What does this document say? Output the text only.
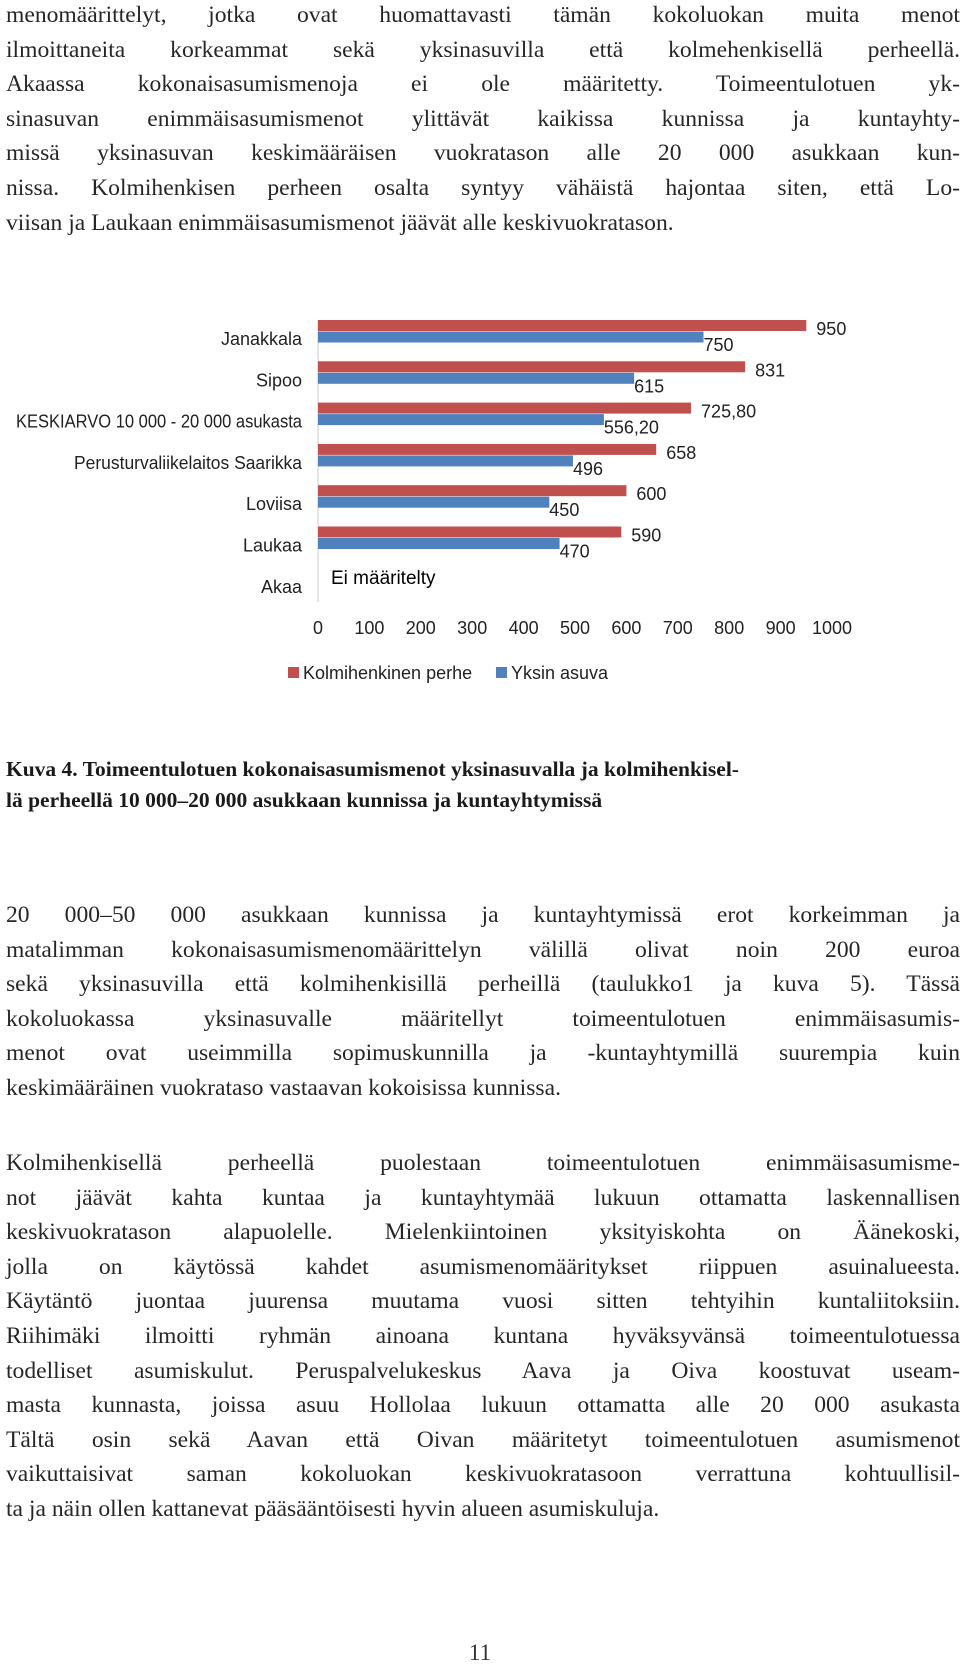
menomäärittelyt, jotka ovat huomattavasti tämän kokoluokan muita menot
ilmoittaneita korkeammat sekä yksinasuvilla että kolmehenkisellä perheellä.
Akaassa kokonaisasumismenoja ei ole määritetty. Toimeentulotuen yk-
sinasuvan enimmäisasumismenot ylittävät kaikissa kunnissa ja kuntayhty-
missä yksinasuvan keskimääräisen vuokratason alle 20 000 asukkaan kun-
nissa. Kolmihenkisen perheen osalta syntyy vähäistä hajontaa siten, että Lo-
viisan ja Laukaan enimmäisasumismenot jäävät alle keskivuokratason.
Janakkala
Sipoo
KESKIARVO 10 000 - 20 000 asukasta
Perusturvaliikelaitos Saarikka
Loviisa
Laukaa
Akaa
950
750
831
615
725,80
556,20
658
496
600
450
590
470
Ei määritelty
0 100 200 300 400 500 600 700 800 900 1000
Kolmihenkinen perhe Yksin asuva
Kuva 4. Toimeentulotuen kokonaisasumismenot yksinasuvalla ja kolmihenkisel-
lä perheellä 10 000–20 000 asukkaan kunnissa ja kuntayhtymissä
20 000–50 000 asukkaan kunnissa ja kuntayhtymissä erot korkeimman ja
matalimman kokonaisasumismenomäärittelyn välillä olivat noin 200 euroa
sekä yksinasuvilla että kolmihenkisillä perheillä (taulukko1 ja kuva 5). Tässä
kokoluokassa yksinasuvalle määritellyt toimeentulotuen enimmäisasumis-
menot ovat useimmilla sopimuskunnilla ja -kuntayhtymillä suurempia kuin
keskimääräinen vuokrataso vastaavan kokoisissa kunnissa.
Kolmihenkisellä perheellä puolestaan toimeentulotuen enimmäisasumisme-
not jäävät kahta kuntaa ja kuntayhtymää lukuun ottamatta laskennallisen
keskivuokratason alapuolelle. Mielenkiintoinen yksityiskohta on Äänekoski,
jolla on käytössä kahdet asumismenomääritykset riippuen asuinalueesta.
Käytäntö juontaa juurensa muutama vuosi sitten tehtyihin kuntaliitoksiin.
Riihimäki ilmoitti ryhmän ainoana kuntana hyväksyvänsä toimeentulotuessa
todelliset asumiskulut. Peruspalvelukeskus Aava ja Oiva koostuvat useam-
masta kunnasta, joissa asuu Hollolaa lukuun ottamatta alle 20 000 asukasta
Tältä osin sekä Aavan että Oivan määritetyt toimeentulotuen asumismenot
vaikuttaisivat saman kokoluokan keskivuokratasoon verrattuna kohtuullisil-
ta ja näin ollen kattanevat pääsääntöisesti hyvin alueen asumiskuluja.
11
